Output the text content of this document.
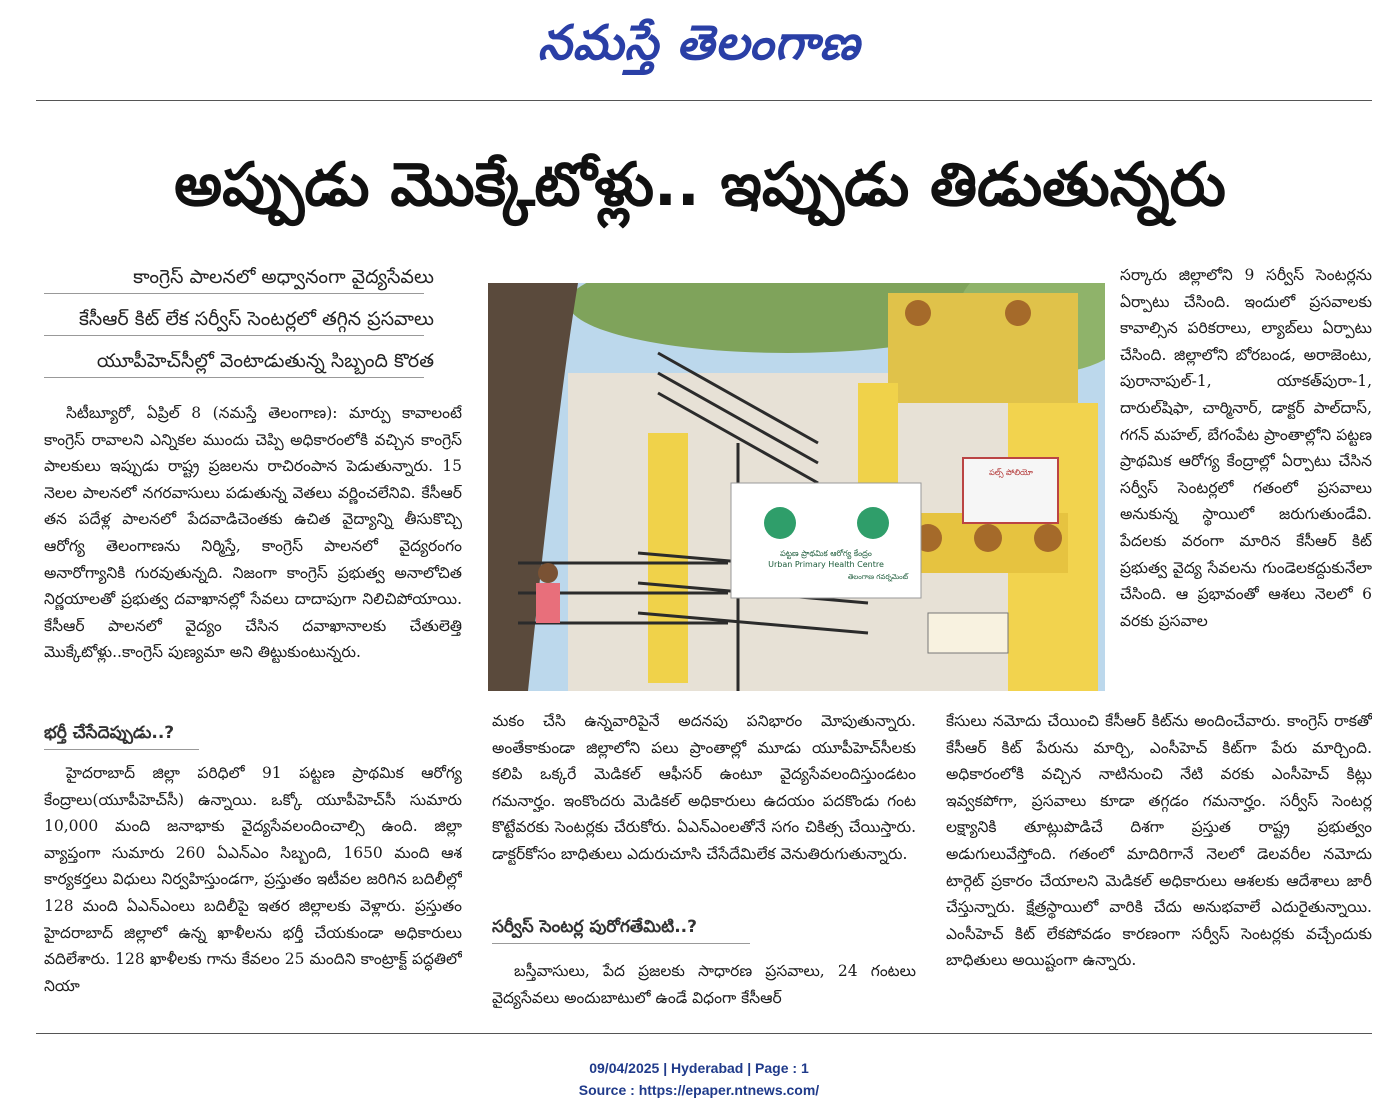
నమస్తే తెలంగాణ
అప్పుడు మొక్కేటోళ్లు.. ఇప్పుడు తిడుతున్నరు
కాంగ్రెస్ పాలనలో అధ్వానంగా వైద్యసేవలు
కేసీఆర్ కిట్ లేక సర్వీస్ సెంటర్లలో తగ్గిన ప్రసవాలు
యూపీహెచ్‌సీల్లో వెంటాడుతున్న సిబ్బంది కొరత

సిటీబ్యూరో, ఏప్రిల్ 8 (నమస్తే తెలంగాణ): మార్పు కావాలంటే కాంగ్రెస్ రావాలని ఎన్నికల ముందు చెప్పి అధికారంలోకి వచ్చిన కాంగ్రెస్ పాలకులు ఇప్పుడు రాష్ట్ర ప్రజలను రాచిరంపాన పెడుతున్నారు. 15 నెలల పాలనలో నగరవాసులు పడుతున్న వెతలు వర్ణించలేనివి. కేసీఆర్ తన పదేళ్ల పాలనలో పేదవాడిచెంతకు ఉచిత వైద్యాన్ని తీసుకొచ్చి ఆరోగ్య తెలంగాణను నిర్మిస్తే, కాంగ్రెస్ పాలనలో వైద్యరంగం అనారోగ్యానికి గురవుతున్నది. నిజంగా కాంగ్రెస్ ప్రభుత్వ అనాలోచిత నిర్ణయాలతో ప్రభుత్వ దవాఖానల్లో సేవలు దాదాపుగా నిలిచిపోయాయి. కేసీఆర్ పాలనలో వైద్యం చేసిన దవాఖానాలకు చేతులెత్తి మొక్కేటోళ్లు..కాంగ్రెస్ పుణ్యమా అని తిట్టుకుంటున్నరు.

భర్తీ చేసేదెప్పుడు..?

హైదరాబాద్ జిల్లా పరిధిలో 91 పట్టణ ప్రాథమిక ఆరోగ్య కేంద్రాలు(యూపీహెచ్‌సీ) ఉన్నాయి. ఒక్కో యూపీహెచ్‌సీ సుమారు 10,000 మంది జనాభాకు వైద్యసేవలందించాల్సి ఉంది. జిల్లా వ్యాప్తంగా సుమారు 260 ఏఎన్ఎం సిబ్బంది, 1650 మంది ఆశ కార్యకర్తలు విధులు నిర్వహిస్తుండగా, ప్రస్తుతం ఇటీవల జరిగిన బదిలీల్లో 128 మంది ఏఎన్ఎంలు బదిలీపై ఇతర జిల్లాలకు వెళ్లారు. ప్రస్తుతం హైదరాబాద్ జిల్లాలో ఉన్న ఖాళీలను భర్తీ చేయకుండా అధికారులు వదిలేశారు. 128 ఖాళీలకు గాను కేవలం 25 మందిని కాంట్రాక్ట్ పద్ధతిలో నియా

పట్టణ ప్రాథమిక ఆరోగ్య కేంద్రం
Urban Primary Health Centre
తెలంగాణ గవర్నమెంట్
పల్స్ పోలియో

మకం చేసి ఉన్నవారిపైనే అదనపు పనిభారం మోపుతున్నారు. అంతేకాకుండా జిల్లాలోని పలు ప్రాంతాల్లో మూడు యూపీహెచ్‌సీలకు కలిపి ఒక్కరే మెడికల్ ఆఫీసర్ ఉంటూ వైద్యసేవలందిస్తుండటం గమనార్హం. ఇంకొందరు మెడికల్ అధికారులు ఉదయం పదకొండు గంట కొట్టేవరకు సెంటర్లకు చేరుకోరు. ఏఎన్ఎంలతోనే సగం చికిత్స చేయిస్తారు. డాక్టర్‌కోసం బాధితులు ఎదురుచూసి చేసేదేమిలేక వెనుతిరుగుతున్నారు.

సర్వీస్ సెంటర్ల పురోగతేమిటి..?

బస్తీవాసులు, పేద ప్రజలకు సాధారణ ప్రసవాలు, 24 గంటలు వైద్యసేవలు అందుబాటులో ఉండే విధంగా కేసీఆర్

సర్కారు జిల్లాలోని 9 సర్వీస్ సెంటర్లను ఏర్పాటు చేసింది. ఇందులో ప్రసవాలకు కావాల్సిన పరికరాలు, ల్యాబ్‌లు ఏర్పాటు చేసింది. జిల్లాలోని బోరబండ, అరాజెంటు, పురానాపుల్-1, యాకత్‌పురా-1, దారుల్‌షిఫా, చార్మినార్, డాక్టర్ పాల్‌దాస్, గగన్ మహల్, బేగంపేట ప్రాంతాల్లోని పట్టణ ప్రాథమిక ఆరోగ్య కేంద్రాల్లో ఏర్పాటు చేసిన సర్వీస్ సెంటర్లలో గతంలో ప్రసవాలు అనుకున్న స్థాయిలో జరుగుతుండేవి. పేదలకు వరంగా మారిన కేసీఆర్ కిట్ ప్రభుత్వ వైద్య సేవలను గుండెలకద్దుకునేలా చేసింది. ఆ ప్రభావంతో ఆశలు నెలలో 6 వరకు ప్రసవాల

కేసులు నమోదు చేయించి కేసీఆర్ కిట్‌ను అందించేవారు. కాంగ్రెస్ రాకతో కేసీఆర్ కిట్ పేరును మార్చి, ఎంసీహెచ్ కిట్‌గా పేరు మార్చింది. అధికారంలోకి వచ్చిన నాటినుంచి నేటి వరకు ఎంసీహెచ్ కిట్లు ఇవ్వకపోగా, ప్రసవాలు కూడా తగ్గడం గమనార్హం. సర్వీస్ సెంటర్ల లక్ష్యానికి తూట్లుపొడిచే దిశగా ప్రస్తుత రాష్ట్ర ప్రభుత్వం అడుగులువేస్తోంది. గతంలో మాదిరిగానే నెలలో డెలవరీల నమోదు టార్గెట్ ప్రకారం చేయాలని మెడికల్ అధికారులు ఆశలకు ఆదేశాలు జారీ చేస్తున్నారు. క్షేత్రస్థాయిలో వారికి చేదు అనుభవాలే ఎదురైతున్నాయి. ఎంసీహెచ్ కిట్ లేకపోవడం కారణంగా సర్వీస్ సెంటర్లకు వచ్చేందుకు బాధితులు అయిష్టంగా ఉన్నారు.

09/04/2025 | Hyderabad | Page : 1
Source : https://epaper.ntnews.com/
